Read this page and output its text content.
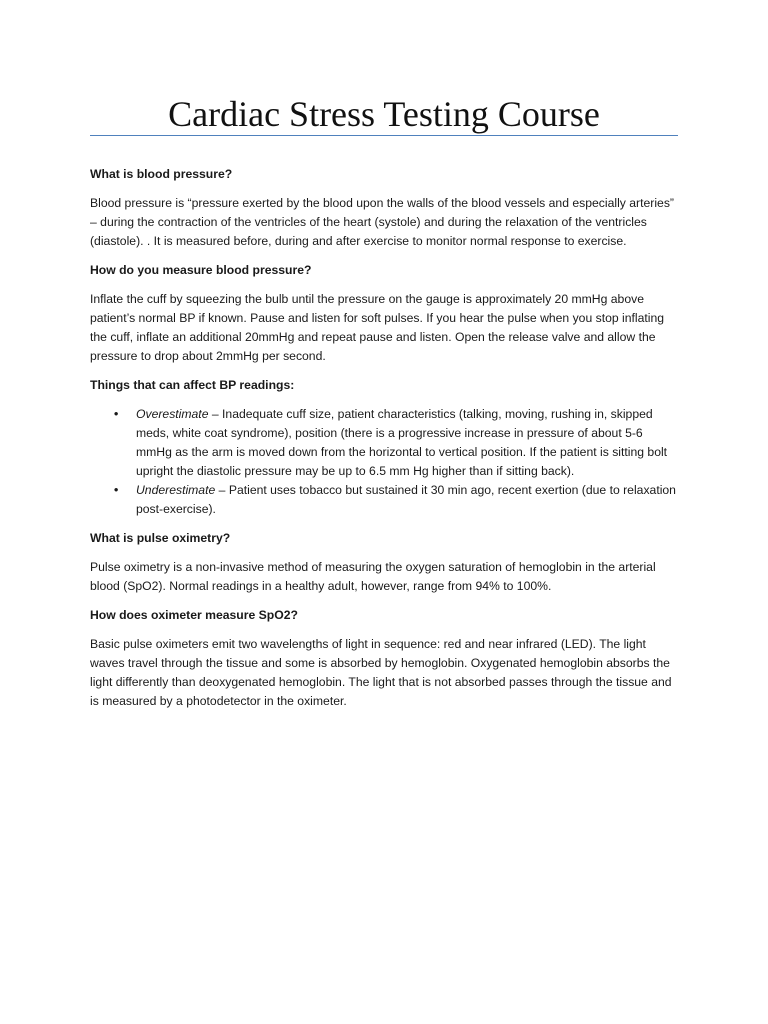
Cardiac Stress Testing Course

What is blood pressure?

Blood pressure is “pressure exerted by the blood upon the walls of the blood vessels and especially arteries” – during the contraction of the ventricles of the heart (systole) and during the relaxation of the ventricles (diastole). . It is measured before, during and after exercise to monitor normal response to exercise.

How do you measure blood pressure?

Inflate the cuff by squeezing the bulb until the pressure on the gauge is approximately 20 mmHg above patient’s normal BP if known. Pause and listen for soft pulses. If you hear the pulse when you stop inflating the cuff, inflate an additional 20mmHg and repeat pause and listen. Open the release valve and allow the pressure to drop about 2mmHg per second.

Things that can affect BP readings:

• Overestimate – Inadequate cuff size, patient characteristics (talking, moving, rushing in, skipped meds, white coat syndrome), position (there is a progressive increase in pressure of about 5-6 mmHg as the arm is moved down from the horizontal to vertical position. If the patient is sitting bolt upright the diastolic pressure may be up to 6.5 mm Hg higher than if sitting back).
• Underestimate – Patient uses tobacco but sustained it 30 min ago, recent exertion (due to relaxation post-exercise).

What is pulse oximetry?

Pulse oximetry is a non-invasive method of measuring the oxygen saturation of hemoglobin in the arterial blood (SpO2). Normal readings in a healthy adult, however, range from 94% to 100%.

How does oximeter measure SpO2?

Basic pulse oximeters emit two wavelengths of light in sequence: red and near infrared (LED). The light waves travel through the tissue and some is absorbed by hemoglobin. Oxygenated hemoglobin absorbs the light differently than deoxygenated hemoglobin. The light that is not absorbed passes through the tissue and is measured by a photodetector in the oximeter.
